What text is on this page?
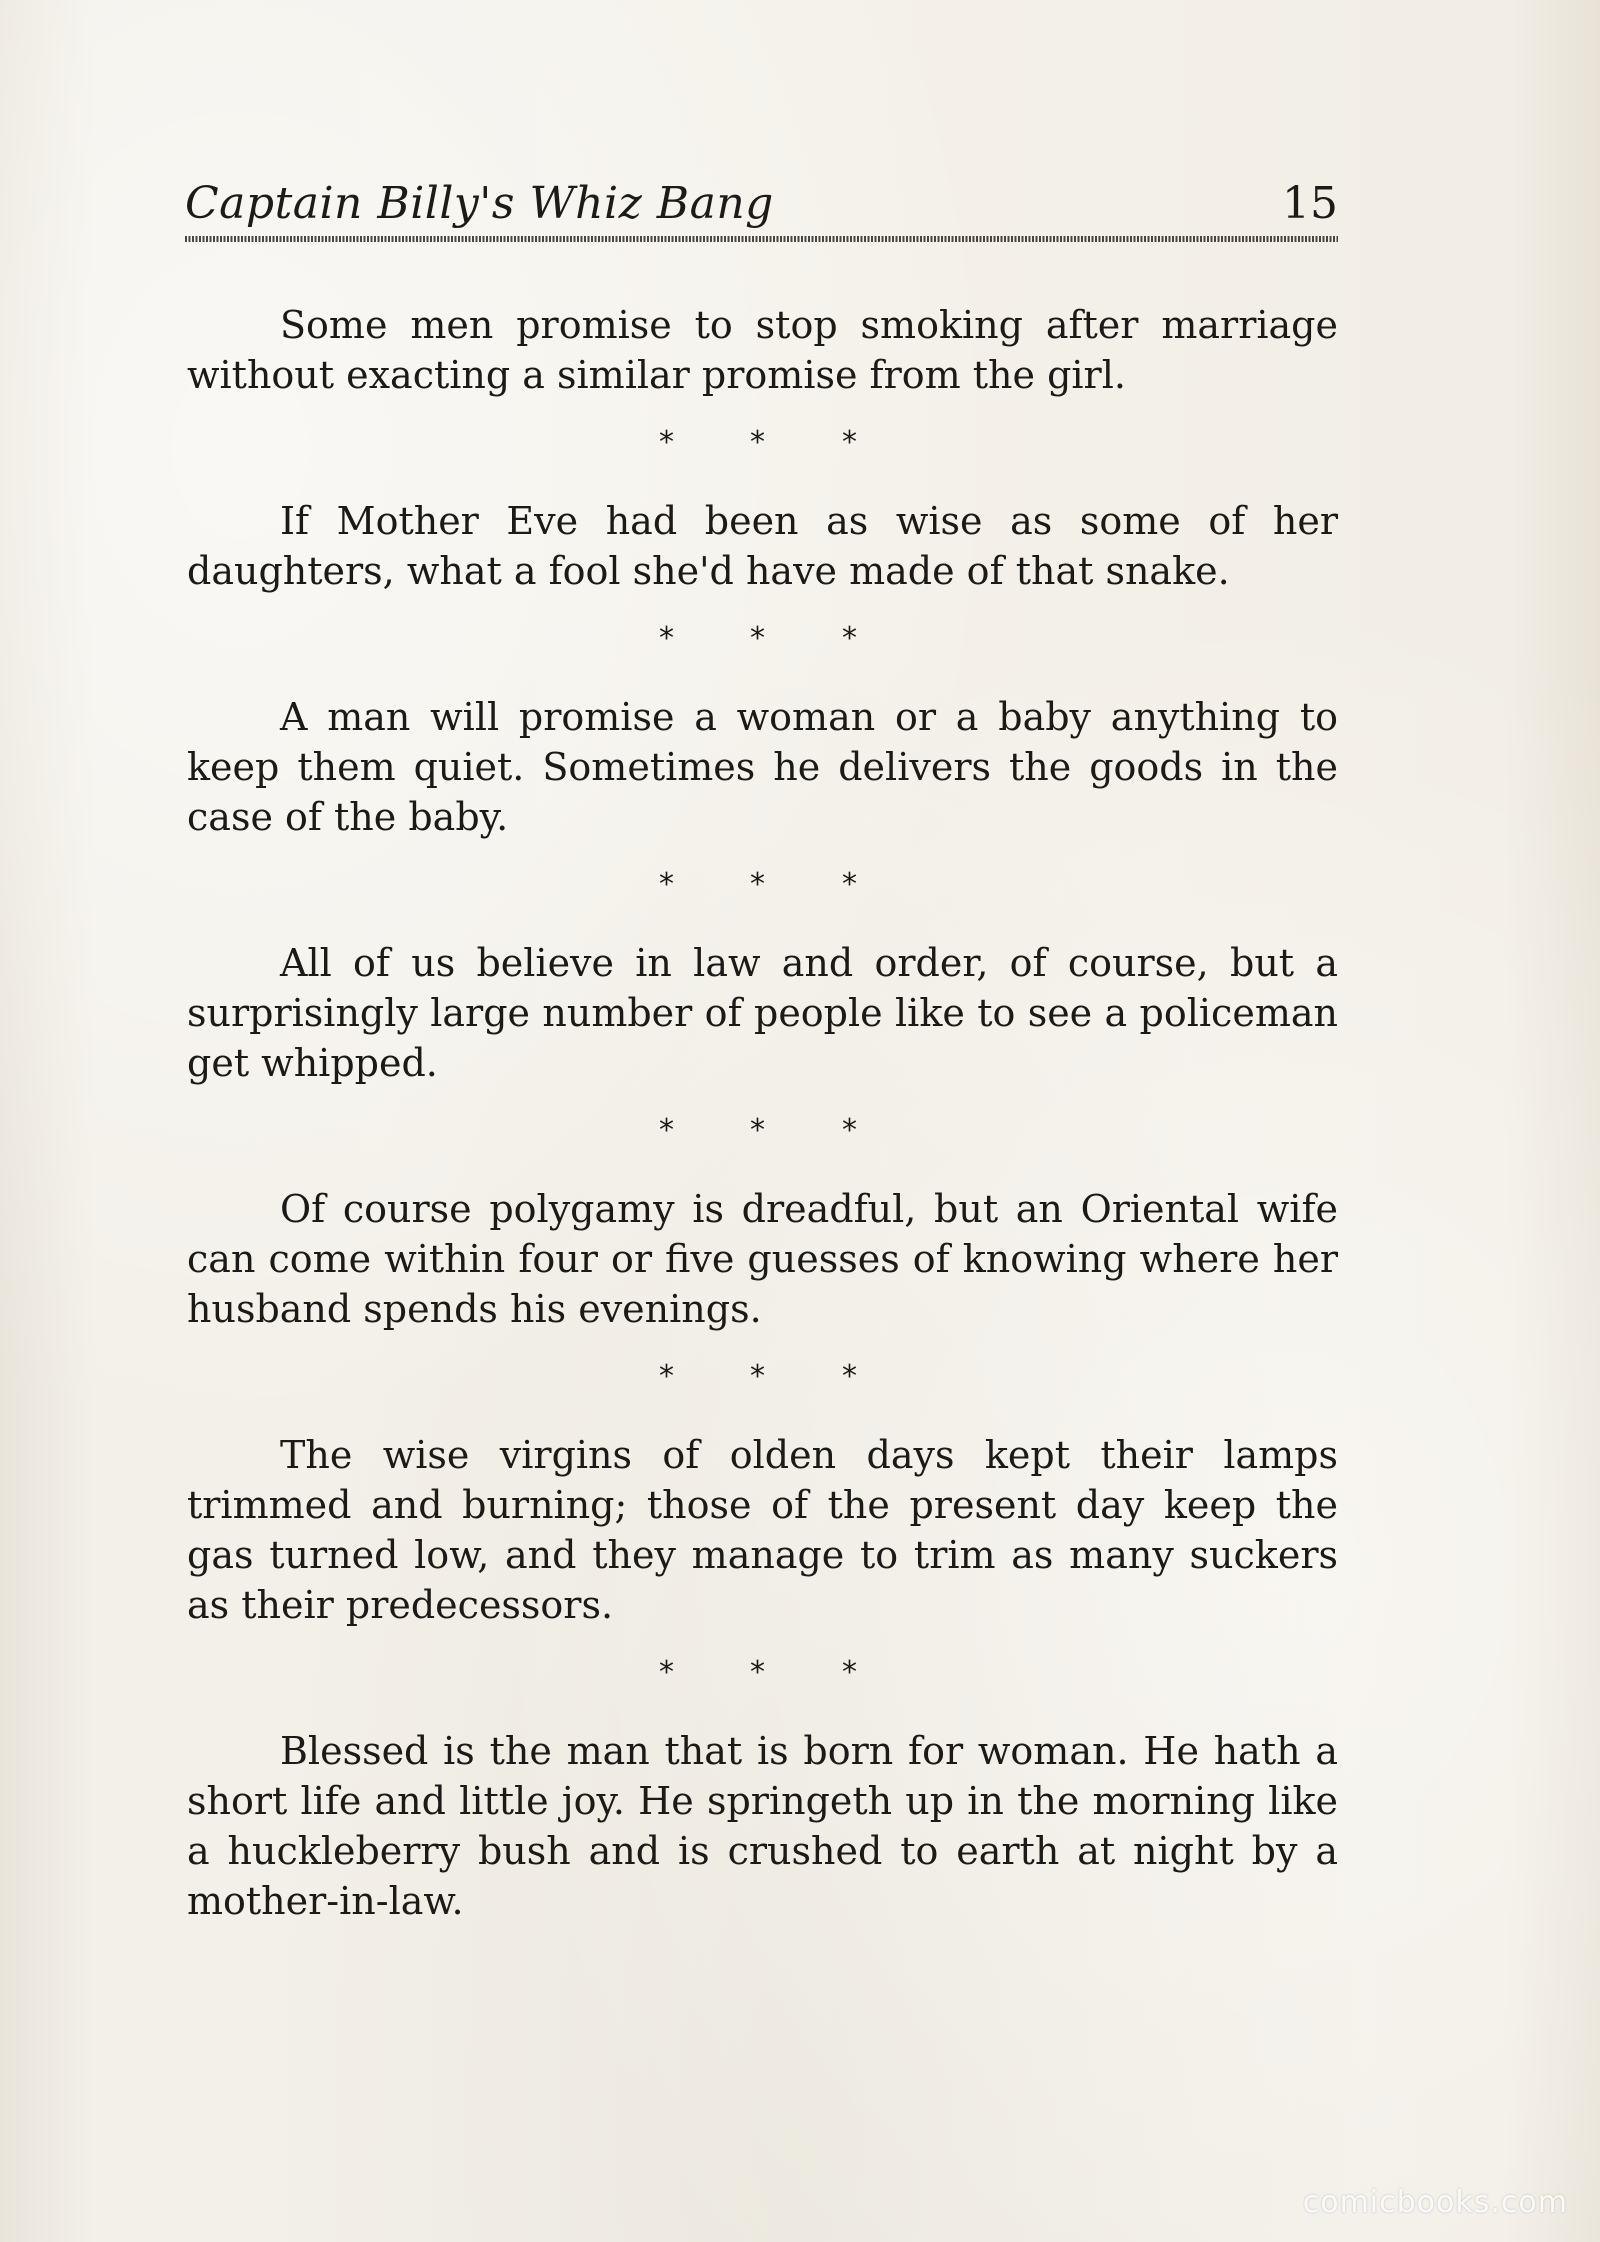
Captain Billy's Whiz Bang	15

Some men promise to stop smoking after marriage without exacting a similar promise from the girl.

*	*	*

If Mother Eve had been as wise as some of her daughters, what a fool she'd have made of that snake.

*	*	*

A man will promise a woman or a baby anything to keep them quiet. Sometimes he delivers the goods in the case of the baby.

*	*	*

All of us believe in law and order, of course, but a surprisingly large number of people like to see a policeman get whipped.

*	*	*

Of course polygamy is dreadful, but an Oriental wife can come within four or five guesses of knowing where her husband spends his evenings.

*	*	*

The wise virgins of olden days kept their lamps trimmed and burning; those of the present day keep the gas turned low, and they manage to trim as many suckers as their predecessors.

*	*	*

Blessed is the man that is born for woman. He hath a short life and little joy. He springeth up in the morning like a huckleberry bush and is crushed to earth at night by a mother-in-law.

comicbooks.com
